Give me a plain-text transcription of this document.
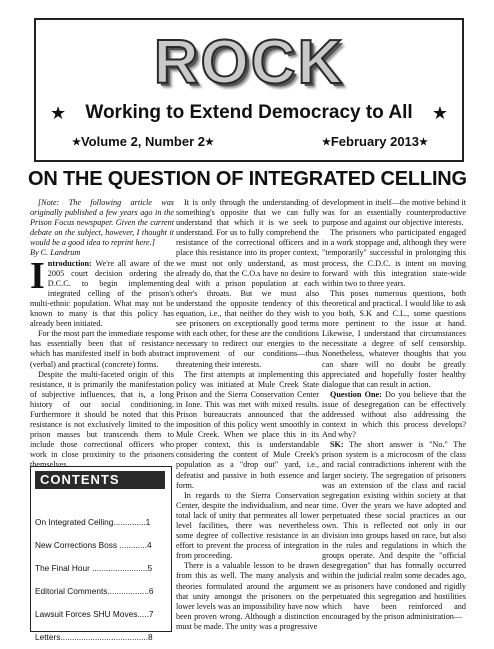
ROCK
★	Working to Extend Democracy to All	★
★Volume 2, Number 2★	★February 2013★
ON THE QUESTION OF INTEGRATED CELLING

[Note: The following article was originally published a few years ago in the Prison Focus newspaper. Given the current debate on the subject, however, I thought it would be a good idea to reprint here.]

By C. Landrum

Introduction: We're all aware of the 2005 court decision ordering the D.C.C. to begin implementing integrated celling of the prison's multi-ethnic population. What may not be known to many is that this policy has already been initiated.

For the most part the immediate response has essentially been that of resistance which has manifested itself in both abstract (verbal) and practical (concrete) forms.

Despite the multi-faceted origin of this resistance, it is primarily the manifestation of subjective influences, that is, a long history of our social conditioning. Furthermore it should be noted that this resistance is not exclusively limited to the prison masses but transcends them to include those correctional officers who work in close proximity to the prisoners themselves.

CONTENTS
On Integrated Celling..............1
New Corrections Boss ............4
The Final Hour ........................5
Editorial Comments..................6
Lawsuit Forces SHU Moves.....7
Letters......................................8

It is only through the understanding of something's opposite that we can fully understand that which it is we seek to understand. For us to fully comprehend the resistance of the correctional officers and place this resistance into its proper context, we must not only understand, as most already do, that the C.O.s have no desire to deal with a prison population at each other's throats. But we must also understand the opposite tendency of this equation, i.e., that neither do they wish to see prisoners on exceptionally good terms with each other, for these are the conditions necessary to redirect our energies to the improvement of our conditions—thus threatening their interests.

The first attempts at implementing this policy was initiated at Mule Creek State Prison and the Sierra Conservation Center in Ione. This was met with mixed results. Prison bureaucrats announced that the imposition of this policy went smoothly in Mule Creek. When we place this in its proper context, this is understandable considering the content of Mule Creek's population as a "drop out" yard, i.e., defeatist and passive in both essence and form.

In regards to the Sierra Conservation Center, despite the individualism, and near total lack of unity that permeates all lower level facilities, there was nevertheless some degree of collective resistance in an effort to prevent the process of integration from proceeding.

There is a valuable lesson to be drawn from this as well. The many analysis and theories formulated around the argument that unity amongst the prisoners on the lower levels was an impossibility have now been proven wrong. Although a distinction must be made. The unity was a progressive

development in itself—the motive behind it was for an essentially counterproductive purpose and against our objective interests.

The prisoners who participated engaged in a work stoppage and, although they were "temporarily" successful in prolonging this process, the C.D.C. is intent on moving forward with this integration state-wide within two to three years.

This poses numerous questions, both theoretical and practical. I would like to ask you both, S.K and C.L., some questions more pertinent to the issue at hand. Likewise, I understand that circumstances necessitate a degree of self censorship. Nonetheless, whatever thoughts that you can share will no doubt be greatly appreciated and hopefully foster healthy dialogue that can result in action.

Question One: Do you believe that the issue of desegregation can be effectively addressed without also addressing the context in which this process develops? And why?

SK: The short answer is "No." The prison system is a microcosm of the class and racial contradictions inherent with the larger society. The segregation of prisoners was an extension of the class and racial segregation existing within society at that time. Over the years we have adopted and perpetuated these social practices as our own. This is reflected not only in our division into groups based on race, but also in the rules and regulations in which the groups operate. And despite the "official desegregation" that has formally occurred within the judicial realm some decades ago, we as prisoners have condoned and rigidly perpetuated this segregation and hostilities which have been reinforced and encouraged by the prison administration—
